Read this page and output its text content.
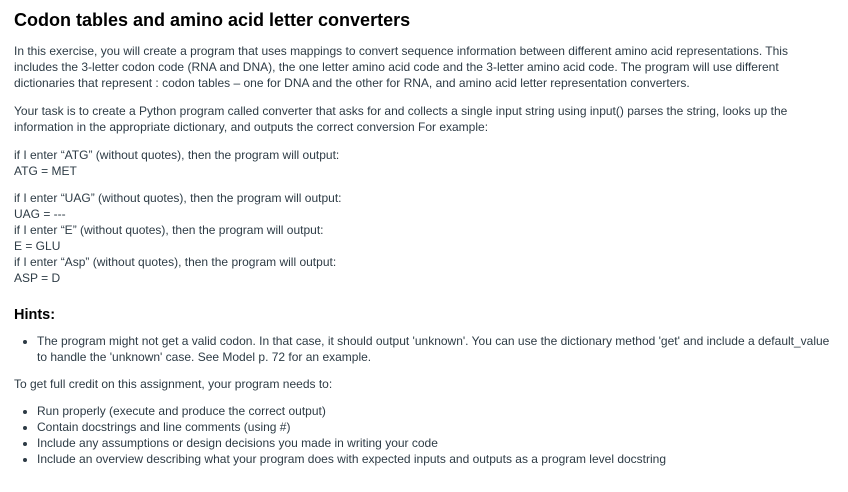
Codon tables and amino acid letter converters

In this exercise, you will create a program that uses mappings to convert sequence information between different amino acid representations. This includes the 3-letter codon code (RNA and DNA), the one letter amino acid code and the 3-letter amino acid code. The program will use different dictionaries that represent : codon tables – one for DNA and the other for RNA, and amino acid letter representation converters.

Your task is to create a Python program called converter that asks for and collects a single input string using input() parses the string, looks up the information in the appropriate dictionary, and outputs the correct conversion For example:

if I enter “ATG” (without quotes), then the program will output:

ATG = MET

if I enter “UAG” (without quotes), then the program will output:

UAG = ---

if I enter “E” (without quotes), then the program will output:

E = GLU

if I enter “Asp” (without quotes), then the program will output:

ASP = D

Hints:
• The program might not get a valid codon. In that case, it should output 'unknown'. You can use the dictionary method 'get' and include a default_value to handle the 'unknown' case. See Model p. 72 for an example.

To get full credit on this assignment, your program needs to:

• Run properly (execute and produce the correct output)
• Contain docstrings and line comments (using #)
• Include any assumptions or design decisions you made in writing your code
• Include an overview describing what your program does with expected inputs and outputs as a program level docstring
